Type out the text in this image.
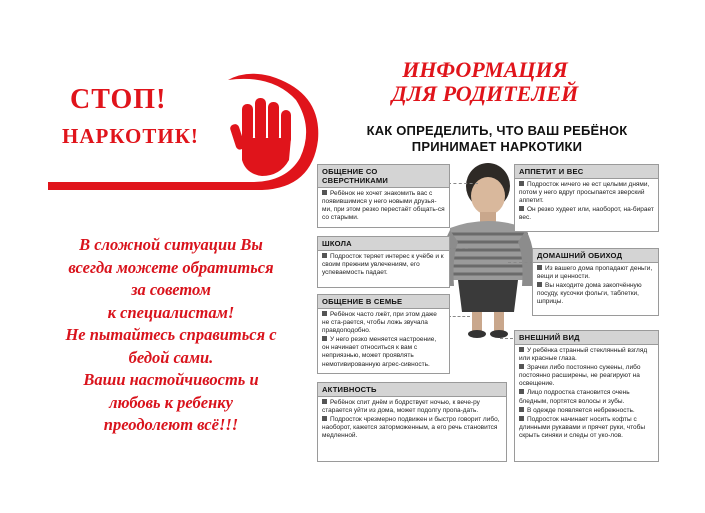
СТОП!
НАРКОТИК!
ИНФОРМАЦИЯ
ДЛЯ РОДИТЕЛЕЙ
В сложной ситуации Вы
всегда можете обратиться
за советом
к специалистам!
Не пытайтесь справиться с
бедой сами.
Ваши настойчивость и
любовь к ребенку
преодолеют всё!!!
КАК ОПРЕДЕЛИТЬ, ЧТО ВАШ РЕБЁНОК
ПРИНИМАЕТ НАРКОТИКИ
ОБЩЕНИЕ СО СВЕРСТНИКАМИ

Ребёнок не хочет знакомить вас с появившимися у него новыми друзья-ми, при этом резко перестаёт общать-ся со старыми.

ШКОЛА

Подросток теряет интерес к учёбе и к своим прежним увлечениям, его успеваемость падает.

ОБЩЕНИЕ В СЕМЬЕ

Ребёнок часто лжёт, при этом даже не ста-рается, чтобы ложь звучала правдоподобно.

У него резко меняется настроение, он начинает относиться к вам с неприязнью, может проявлять немотивированную агрес-сивность.

АКТИВНОСТЬ

Ребёнок спит днём и бодрствует ночью, к вече-ру старается уйти из дома, может подолгу пропа-дать.

Подросток чрезмерно подвижен и быстро говорит либо, наоборот, кажется заторможенным, а его речь становится медленной.

АППЕТИТ И ВЕС

Подросток ничего не ест целыми днями, потом у него вдруг просыпается зверский аппетит.

Он резко худеет или, наоборот, на-бирает вес.

ДОМАШНИЙ ОБИХОД

Из вашего дома пропадают деньги, вещи и ценности.

Вы находите дома закопчённую посуду, кусочки фольги, таблетки, шприцы.

ВНЕШНИЙ ВИД

У ребёнка странный стеклянный взгляд или красные глаза.

Зрачки либо постоянно сужены, либо постоянно расширены, не реагируют на освещение.

Лицо подростка становится очень бледным, портятся волосы и зубы.

В одежде появляется небрежность.

Подросток начинает носить кофты с длинными рукавами и прячет руки, чтобы скрыть синяки и следы от уко-лов.
